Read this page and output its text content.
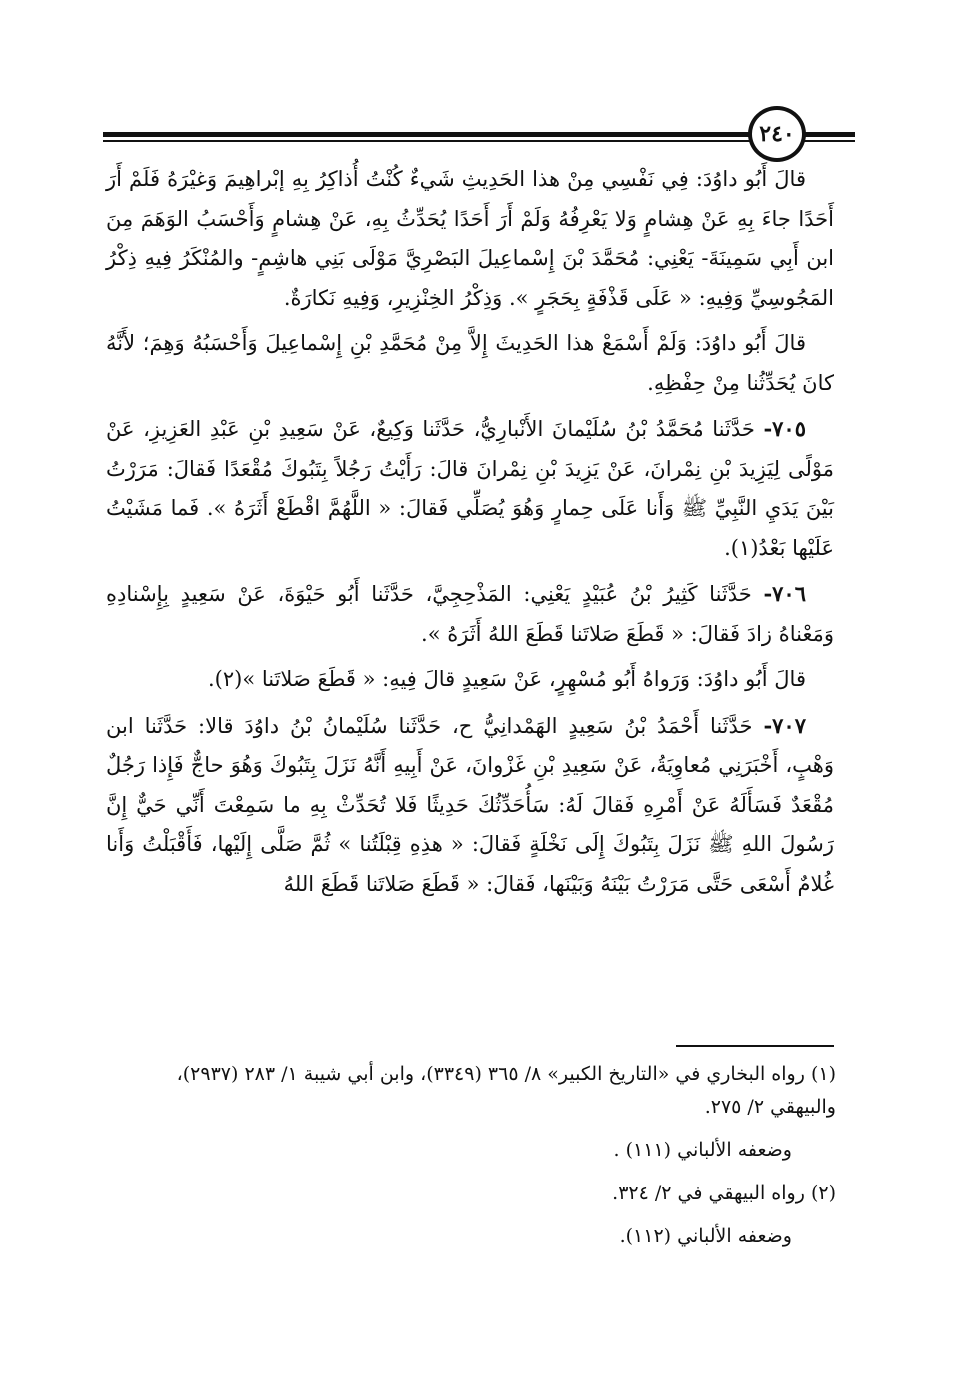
٢٤٠

قالَ أَبُو داوُدَ: فِي نَفْسِي مِنْ هذا الحَدِيثِ شَيءٌ كُنْتُ أُذاكِرُ بِهِ إبْراهِيمَ وَغيْرَهُ فَلَمْ أَرَ أَحَدًا جاءَ بِهِ عَنْ هِشامٍ وَلا يَعْرِفُهُ وَلَمْ أَرَ أَحَدًا يُحَدِّثُ بِهِ، عَنْ هِشامٍ وَأَحْسَبُ الوَهَمَ مِنَ ابن أَبِي سَمِينَةَ- يَعْنِي: مُحَمَّدَ بْنَ إِسْماعِيلَ البَصْرِيَّ مَوْلَى بَنِي هاشِمٍ- والمُنْكَرُ فِيهِ ذِكْرُ المَجُوسِيِّ وَفِيهِ: « عَلَى قَذْفَةٍ بِحَجَرٍ ». وَذِكْرُ الخِنْزِيرِ، وَفِيهِ نَكارَةٌ.

قالَ أَبُو داوُدَ: وَلَمْ أَسْمَعْ هذا الحَدِيثَ إِلاَّ مِنْ مُحَمَّدِ بْنِ إِسْماعِيلَ وَأَحْسَبُهُ وَهِمَ؛ لأَنَّهُ كانَ يُحَدِّثُنا مِنْ حِفْظِهِ.

٧٠٥- حَدَّثَنا مُحَمَّدُ بْنُ سُلَيْمانَ الأَنْبارِيُّ، حَدَّثَنا وَكِيعٌ، عَنْ سَعِيدِ بْنِ عَبْدِ العَزِيزِ، عَنْ مَوْلًى لِيَزِيدَ بْنِ نِمْرانَ، عَنْ يَزِيدَ بْنِ نِمْرانَ قالَ: رَأَيْتُ رَجُلاً بِتَبُوكَ مُقْعَدًا فَقالَ: مَرَرْتُ بَيْنَ يَدَيِ النَّبِيِّ ﷺ وَأَنا عَلَى حِمارٍ وَهُوَ يُصَلِّي فَقالَ: « اللَّهُمَّ اقْطَعْ أَثَرَهُ ». فَما مَشَيْتُ عَلَيْها بَعْدُ(١).

٧٠٦- حَدَّثَنا كَثِيرُ بْنُ عُبَيْدٍ يَعْنِي: المَذْحِجِيَّ، حَدَّثَنا أَبُو حَيْوَةَ، عَنْ سَعِيدٍ بِإِسْنادِهِ وَمَعْناهُ زادَ فَقالَ: « قَطَعَ صَلاتَنا قَطَعَ اللهُ أَثَرَهُ ».

قالَ أَبُو داوُدَ: وَرَواهُ أَبُو مُسْهِرٍ، عَنْ سَعِيدٍ قالَ فِيهِ: « قَطَعَ صَلاتَنا »(٢).

٧٠٧- حَدَّثَنا أَحْمَدُ بْنُ سَعِيدٍ الهَمْدانِيُّ ح، حَدَّثَنا سُلَيْمانُ بْنُ داوُدَ قالا: حَدَّثَنا ابن وَهْبٍ، أَخْبَرَنِي مُعاوِيَةُ، عَنْ سَعِيدِ بْنِ غَزْوانَ، عَنْ أَبِيهِ أَنَّهُ نَزَلَ بِتَبُوكَ وَهُوَ حاجٌّ فَإِذا رَجُلٌ مُقْعَدٌ فَسَأَلَهُ عَنْ أَمْرِهِ فَقالَ لَهُ: سَأُحَدِّثُكَ حَدِيثًا فَلا تُحَدِّثْ بِهِ ما سَمِعْتَ أَنِّي حَيٌّ إِنَّ رَسُولَ اللهِ ﷺ نَزَلَ بِتَبُوكَ إِلَى نَخْلَةٍ فَقالَ: « هذِهِ قِبْلَتُنا » ثُمَّ صَلَّى إِلَيْها، فَأَقْبَلْتُ وَأَنا غُلامٌ أَسْعَى حَتَّى مَرَرْتُ بَيْنَهُ وَبَيْنَها، فَقالَ: « قَطَعَ صَلاتَنا قَطَعَ اللهُ

(١) رواه البخاري في «التاريخ الكبير» ٨/ ٣٦٥ (٣٣٤٩)، وابن أبي شيبة ١/ ٢٨٣ (٢٩٣٧)، والبيهقي ٢/ ٢٧٥.
وضعفه الألباني (١١١) .
(٢) رواه البيهقي في ٢/ ٣٢٤.
وضعفه الألباني (١١٢).
